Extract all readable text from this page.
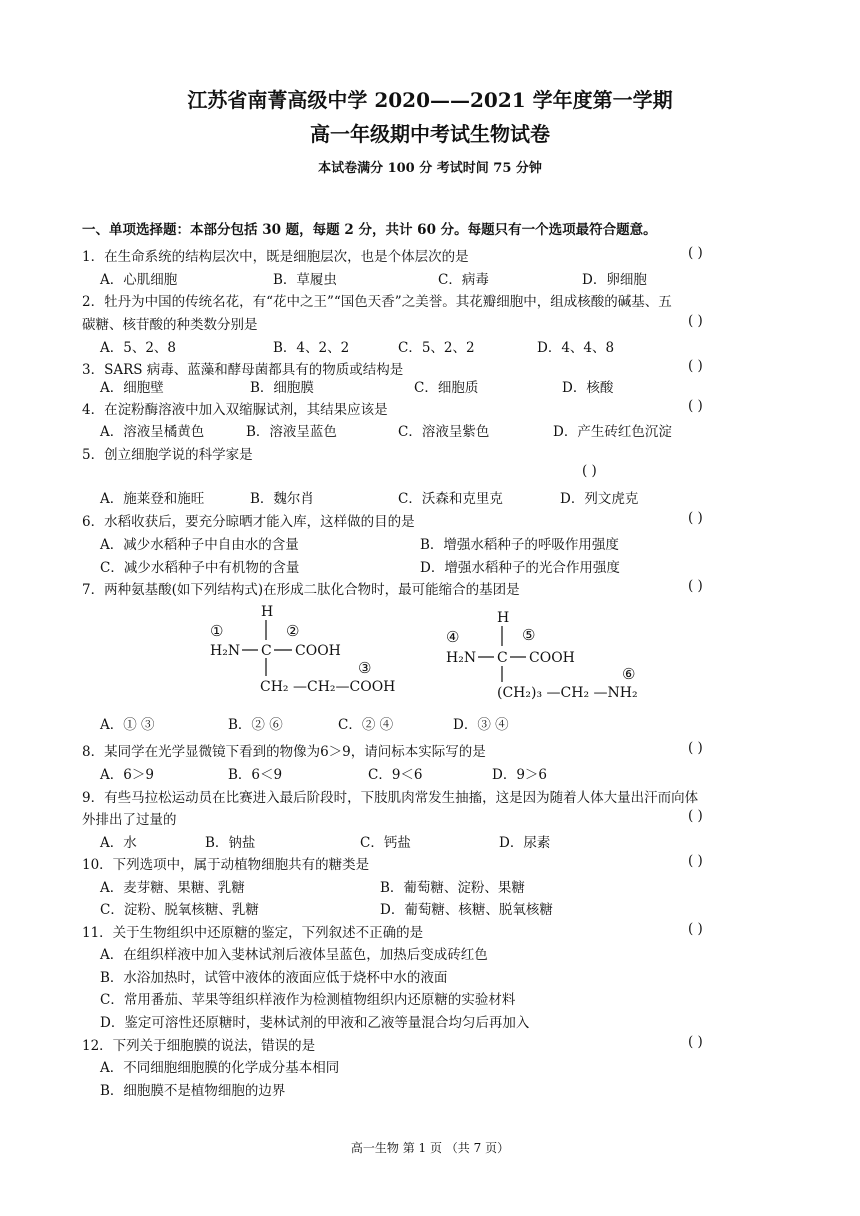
江苏省南菁高级中学 2020——2021 学年度第一学期
高一年级期中考试生物试卷
本试卷满分 100 分 考试时间 75 分钟
一、单项选择题：本部分包括 30 题，每题 2 分，共计 60 分。每题只有一个选项最符合题意。
1．在生命系统的结构层次中，既是细胞层次，也是个体层次的是	( )
A．心肌细胞	B．草履虫	C．病毒	D．卵细胞
2．牡丹为中国的传统名花，有“花中之王”“国色天香”之美誉。其花瓣细胞中，组成核酸的碱基、五
碳糖、核苷酸的种类数分别是	( )
A．5、2、8	B．4、2、2	C．5、2、2	D．4、4、8
3．SARS 病毒、蓝藻和酵母菌都具有的物质或结构是	( )
A．细胞壁	B．细胞膜	C．细胞质	D．核酸
4．在淀粉酶溶液中加入双缩脲试剂，其结果应该是	( )
A．溶液呈橘黄色	B．溶液呈蓝色	C．溶液呈紫色	D．产生砖红色沉淀
5．创立细胞学说的科学家是
( )
A．施莱登和施旺	B．魏尔肖	C．沃森和克里克	D．列文虎克
6．水稻收获后，要充分晾晒才能入库，这样做的目的是	( )
A．减少水稻种子中自由水的含量	B．增强水稻种子的呼吸作用强度
C．减少水稻种子中有机物的含量	D．增强水稻种子的光合作用强度
7．两种氨基酸(如下列结构式)在形成二肽化合物时，最可能缩合的基团是	( )
H
①	②
H₂N C COOH
③
CH₂ —CH₂—COOH
H
④	⑤
H₂N C COOH
⑥
(CH₂)₃ —CH₂ —NH₂
A．① ③	B．② ⑥	C．② ④	D．③ ④
8．某同学在光学显微镜下看到的物像为6＞9，请问标本实际写的是	( )
A．6＞9	B．6＜9	C．9＜6	D．9＞6
9．有些马拉松运动员在比赛进入最后阶段时，下肢肌肉常发生抽搐，这是因为随着人体大量出汗而向体
外排出了过量的	( )
A．水	B．钠盐	C．钙盐	D．尿素
10．下列选项中，属于动植物细胞共有的糖类是	( )
A．麦芽糖、果糖、乳糖	B．葡萄糖、淀粉、果糖
C．淀粉、脱氧核糖、乳糖	D．葡萄糖、核糖、脱氧核糖
11．关于生物组织中还原糖的鉴定，下列叙述不正确的是	( )
A．在组织样液中加入斐林试剂后液体呈蓝色，加热后变成砖红色
B．水浴加热时，试管中液体的液面应低于烧杯中水的液面
C．常用番茄、苹果等组织样液作为检测植物组织内还原糖的实验材料
D．鉴定可溶性还原糖时，斐林试剂的甲液和乙液等量混合均匀后再加入
12．下列关于细胞膜的说法，错误的是	( )
A．不同细胞细胞膜的化学成分基本相同
B．细胞膜不是植物细胞的边界
高一生物 第 1 页 （共 7 页）
